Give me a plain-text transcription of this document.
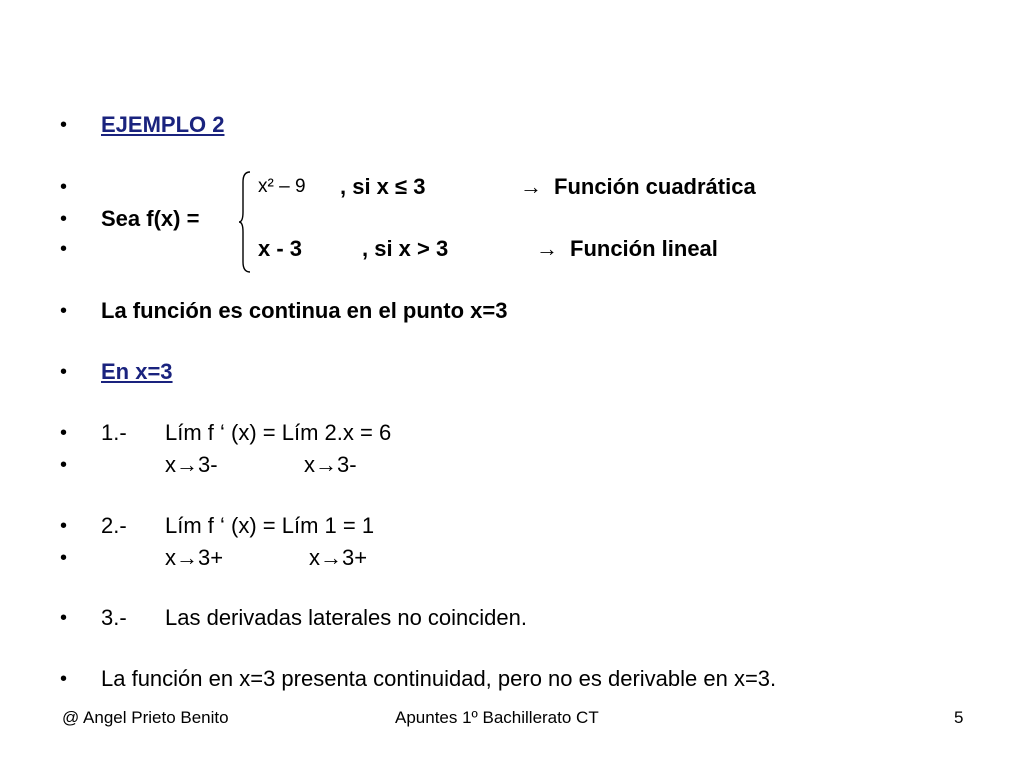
• EJEMPLO 2
•	x² – 9 , si x ≤ 3	→ Función cuadrática
• Sea f(x) =
•	x - 3	, si x > 3	→ Función lineal
• La función es continua en el punto x=3
• En x=3
• 1.- Lím f ‘ (x) = Lím 2.x = 6
•	x→3-	x→3-
• 2.- Lím f ‘ (x) = Lím 1 = 1
•	x→3+	x→3+
• 3.- Las derivadas laterales no coinciden.
• La función en x=3 presenta continuidad, pero no es derivable en x=3.
@ Angel Prieto Benito	Apuntes 1º Bachillerato CT	5
